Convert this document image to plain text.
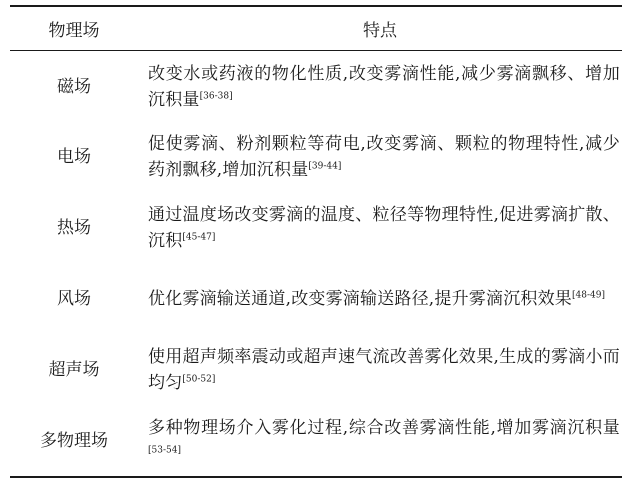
物理场	特点
磁场	改变水或药液的物化性质,改变雾滴性能,减少雾滴飘移、增加沉积量[36-38]
电场	促使雾滴、粉剂颗粒等荷电,改变雾滴、颗粒的物理特性,减少药剂飘移,增加沉积量[39-44]
热场	通过温度场改变雾滴的温度、粒径等物理特性,促进雾滴扩散、沉积[45-47]
风场	优化雾滴输送通道,改变雾滴输送路径,提升雾滴沉积效果[48-49]
超声场	使用超声频率震动或超声速气流改善雾化效果,生成的雾滴小而均匀[50-52]
多物理场	多种物理场介入雾化过程,综合改善雾滴性能,增加雾滴沉积量[53-54]
